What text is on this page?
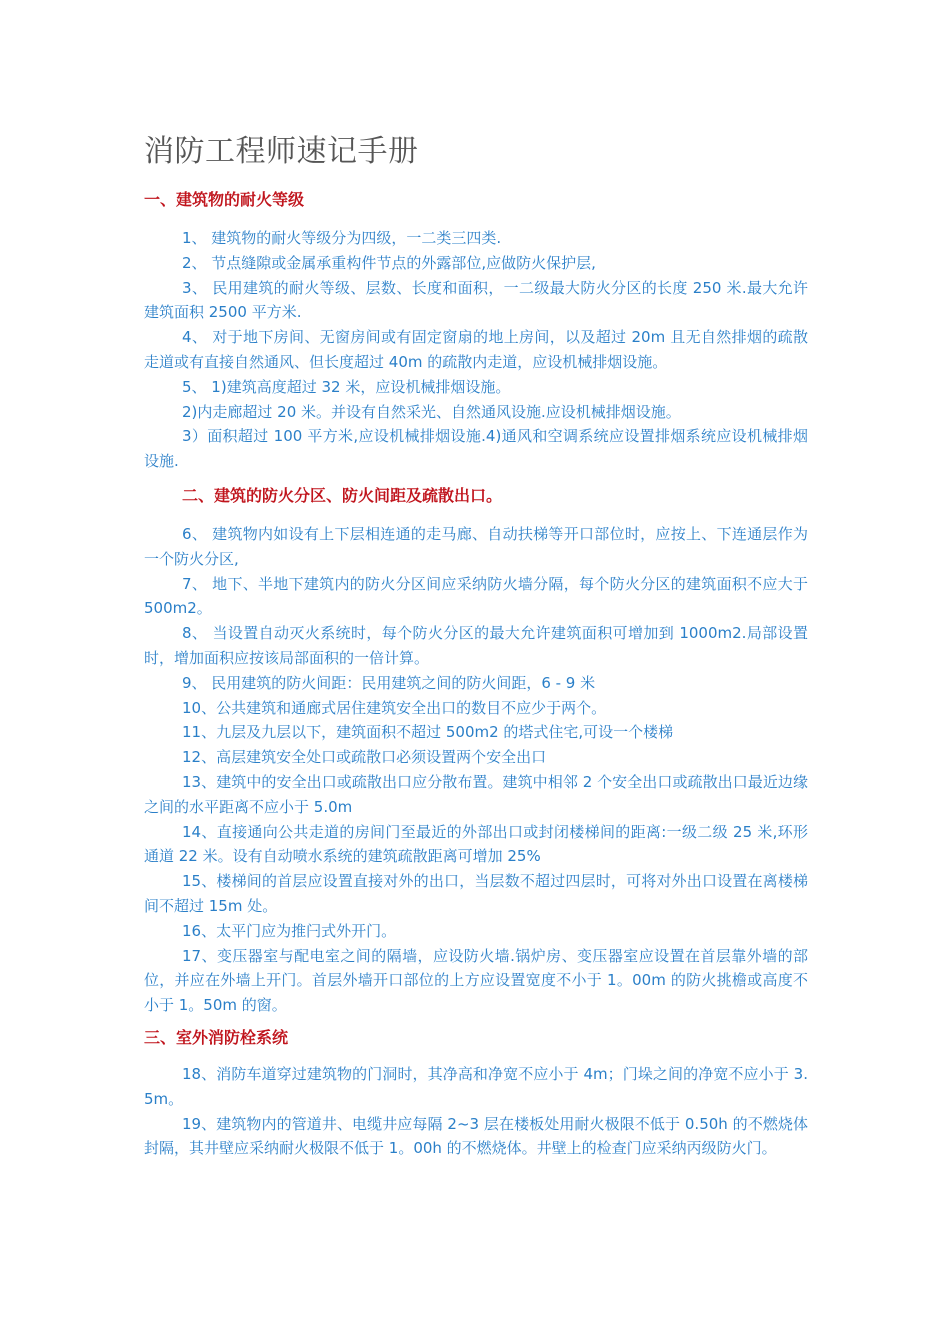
消防工程师速记手册
一、建筑物的耐火等级

1、 建筑物的耐火等级分为四级，一二类三四类.

2、 节点缝隙或金属承重构件节点的外露部位,应做防火保护层,

3、 民用建筑的耐火等级、层数、长度和面积，一二级最大防火分区的长度 250 米.最大允许建筑面积 2500 平方米.

4、 对于地下房间、无窗房间或有固定窗扇的地上房间，以及超过 20m 且无自然排烟的疏散走道或有直接自然通风、但长度超过 40m 的疏散内走道，应设机械排烟设施。

5、 1)建筑高度超过 32 米，应设机械排烟设施。

2)内走廊超过 20 米。并设有自然采光、自然通风设施.应设机械排烟设施。

3）面积超过 100 平方米,应设机械排烟设施.4)通风和空调系统应设置排烟系统应设机械排烟设施.

二、建筑的防火分区、防火间距及疏散出口。

6、 建筑物内如设有上下层相连通的走马廊、自动扶梯等开口部位时，应按上、下连通层作为一个防火分区,

7、 地下、半地下建筑内的防火分区间应采纳防火墙分隔，每个防火分区的建筑面积不应大于 500m2。

8、 当设置自动灭火系统时，每个防火分区的最大允许建筑面积可增加到 1000m2.局部设置时，增加面积应按该局部面积的一倍计算。

9、 民用建筑的防火间距：民用建筑之间的防火间距，6 - 9 米

10、公共建筑和通廊式居住建筑安全出口的数目不应少于两个。

11、九层及九层以下，建筑面积不超过 500m2 的塔式住宅,可设一个楼梯

12、高层建筑安全处口或疏散口必须设置两个安全出口

13、建筑中的安全出口或疏散出口应分散布置。建筑中相邻 2 个安全出口或疏散出口最近边缘之间的水平距离不应小于 5.0m

14、直接通向公共走道的房间门至最近的外部出口或封闭楼梯间的距离:一级二级 25 米,环形通道 22 米。设有自动喷水系统的建筑疏散距离可增加 25%

15、楼梯间的首层应设置直接对外的出口，当层数不超过四层时，可将对外出口设置在离楼梯间不超过 15m 处。

16、太平门应为推闩式外开门。

17、变压器室与配电室之间的隔墙，应设防火墙.锅炉房、变压器室应设置在首层靠外墙的部位，并应在外墙上开门。首层外墙开口部位的上方应设置宽度不小于 1。00m 的防火挑檐或高度不小于 1。50m 的窗。

三、室外消防栓系统

18、消防车道穿过建筑物的门洞时，其净高和净宽不应小于 4m；门垛之间的净宽不应小于 3.5m。

19、建筑物内的管道井、电缆井应每隔 2~3 层在楼板处用耐火极限不低于 0.50h 的不燃烧体封隔，其井壁应采纳耐火极限不低于 1。00h 的不燃烧体。井壁上的检查门应采纳丙级防火门。
